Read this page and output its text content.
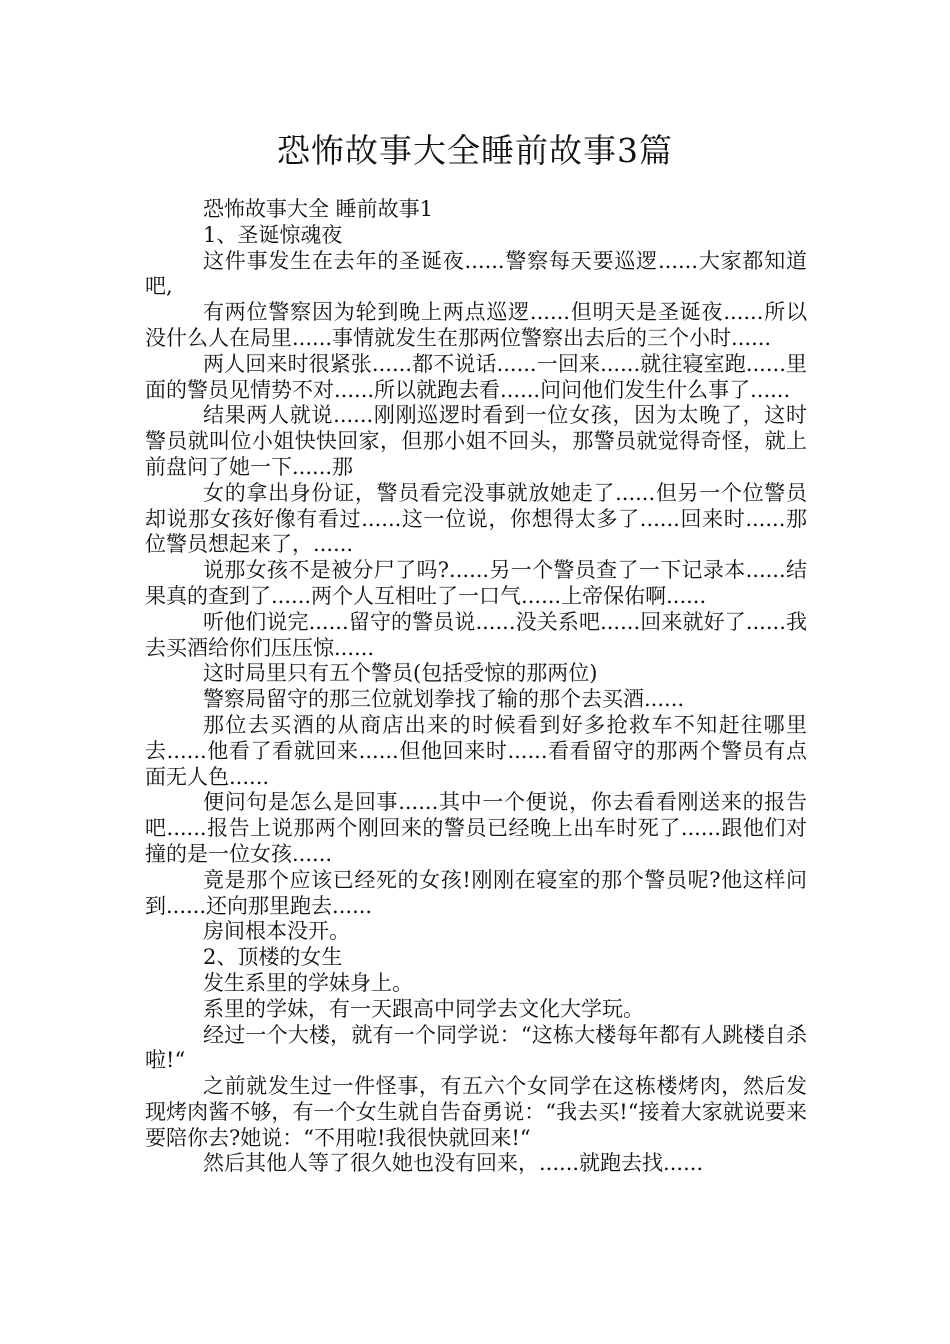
恐怖故事大全睡前故事3篇

恐怖故事大全 睡前故事1

1、圣诞惊魂夜

这件事发生在去年的圣诞夜......警察每天要巡逻......大家都知道吧,

有两位警察因为轮到晚上两点巡逻......但明天是圣诞夜......所以没什么人在局里......事情就发生在那两位警察出去后的三个小时......

两人回来时很紧张......都不说话......一回来......就往寝室跑......里面的警员见情势不对......所以就跑去看......问问他们发生什么事了......

结果两人就说......刚刚巡逻时看到一位女孩，因为太晚了，这时警员就叫位小姐快快回家，但那小姐不回头，那警员就觉得奇怪，就上前盘问了她一下......那

女的拿出身份证，警员看完没事就放她走了......但另一个位警员却说那女孩好像有看过......这一位说，你想得太多了......回来时......那位警员想起来了，......

说那女孩不是被分尸了吗?......另一个警员查了一下记录本......结果真的查到了......两个人互相吐了一口气......上帝保佑啊......

听他们说完......留守的警员说......没关系吧......回来就好了......我去买酒给你们压压惊......

这时局里只有五个警员(包括受惊的那两位)

警察局留守的那三位就划拳找了输的那个去买酒......

那位去买酒的从商店出来的时候看到好多抢救车不知赶往哪里去......他看了看就回来......但他回来时......看看留守的那两个警员有点面无人色......

便问句是怎么是回事......其中一个便说，你去看看刚送来的报告吧......报告上说那两个刚回来的警员已经晚上出车时死了......跟他们对撞的是一位女孩......

竟是那个应该已经死的女孩!刚刚在寝室的那个警员呢?他这样问到......还向那里跑去......

房间根本没开。

2、顶楼的女生

发生系里的学妹身上。

系里的学妹，有一天跟高中同学去文化大学玩。

经过一个大楼，就有一个同学说：“这栋大楼每年都有人跳楼自杀啦!“

之前就发生过一件怪事，有五六个女同学在这栋楼烤肉，然后发现烤肉酱不够，有一个女生就自告奋勇说：“我去买!“接着大家就说要来要陪你去?她说：“不用啦!我很快就回来!“

然后其他人等了很久她也没有回来，......就跑去找......
